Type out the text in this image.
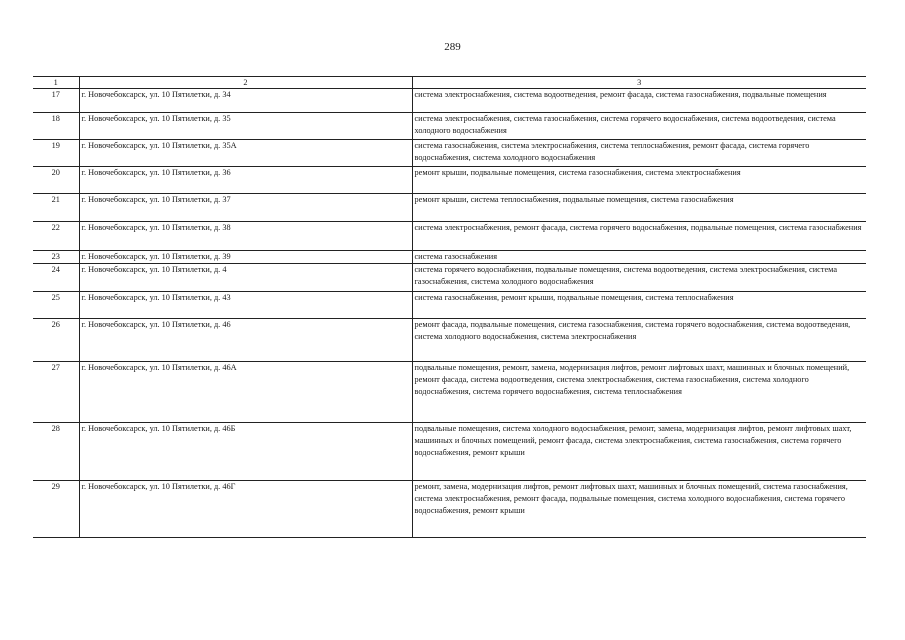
289
1	2	3
17	г. Новочебоксарск, ул. 10 Пятилетки, д. 34	система электроснабжения, система водоотведения, ремонт фасада, система газоснабжения, подвальные помещения
18	г. Новочебоксарск, ул. 10 Пятилетки, д. 35	система электроснабжения, система газоснабжения, система горячего водоснабжения, система водоотведения, система холодного водоснабжения
19	г. Новочебоксарск, ул. 10 Пятилетки, д. 35А	система газоснабжения, система электроснабжения, система теплоснабжения, ремонт фасада, система горячего водоснабжения, система холодного водоснабжения
20	г. Новочебоксарск, ул. 10 Пятилетки, д. 36	ремонт крыши, подвальные помещения, система газоснабжения, система электроснабжения
21	г. Новочебоксарск, ул. 10 Пятилетки, д. 37	ремонт крыши, система теплоснабжения, подвальные помещения, система газоснабжения
22	г. Новочебоксарск, ул. 10 Пятилетки, д. 38	система электроснабжения, ремонт фасада, система горячего водоснабжения, подвальные помещения, система газоснабжения
23	г. Новочебоксарск, ул. 10 Пятилетки, д. 39	система газоснабжения
24	г. Новочебоксарск, ул. 10 Пятилетки, д. 4	система горячего водоснабжения, подвальные помещения, система водоотведения, система электроснабжения, система газоснабжения, система холодного водоснабжения
25	г. Новочебоксарск, ул. 10 Пятилетки, д. 43	система газоснабжения, ремонт крыши, подвальные помещения, система теплоснабжения
26	г. Новочебоксарск, ул. 10 Пятилетки, д. 46	ремонт фасада, подвальные помещения, система газоснабжения, система горячего водоснабжения, система водоотведения, система холодного водоснабжения, система электроснабжения
27	г. Новочебоксарск, ул. 10 Пятилетки, д. 46А	подвальные помещения, ремонт, замена, модернизация лифтов, ремонт лифтовых шахт, машинных и блочных помещений, ремонт фасада, система водоотведения, система электроснабжения, система газоснабжения, система холодного водоснабжения, система горячего водоснабжения, система теплоснабжения
28	г. Новочебоксарск, ул. 10 Пятилетки, д. 46Б	подвальные помещения, система холодного водоснабжения, ремонт, замена, модернизация лифтов, ремонт лифтовых шахт, машинных и блочных помещений, ремонт фасада, система электроснабжения, система газоснабжения, система горячего водоснабжения, ремонт крыши
29	г. Новочебоксарск, ул. 10 Пятилетки, д. 46Г	ремонт, замена, модернизация лифтов, ремонт лифтовых шахт, машинных и блочных помещений, система газоснабжения, система электроснабжения, ремонт фасада, подвальные помещения, система холодного водоснабжения, система горячего водоснабжения, ремонт крыши
